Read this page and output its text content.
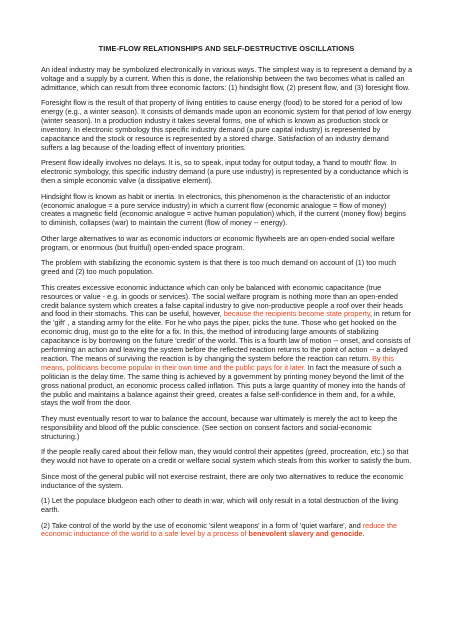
TIME-FLOW RELATIONSHIPS AND SELF-DESTRUCTIVE OSCILLATIONS

An ideal industry may be symbolized electronically in various ways. The simplest way is to represent a demand by a voltage and a supply by a current. When this is done, the relationship between the two becomes what is called an admittance, which can result from three economic factors: (1) hindsight flow, (2) present flow, and (3) foresight flow.

Foresight flow is the result of that property of living entities to cause energy (food) to be stored for a period of low energy (e.g., a winter season). It consists of demands made upon an economic system for that period of low energy (winter season). In a production industry it takes several forms, one of which is known as production stock or inventory. In electronic symbology this specific industry demand (a pure capital industry) is represented by capacitance and the stock or resource is represented by a stored charge. Satisfaction of an industry demand suffers a lag because of the loading effect of inventory priorities.

Present flow ideally involves no delays. It is, so to speak, input today for output today, a 'hand to mouth' flow. In electronic symbology, this specific industry demand (a pure use industry) is represented by a conductance which is then a simple economic valve (a dissipative element).

Hindsight flow is known as habit or inertia. In electronics, this phenomenon is the characteristic of an inductor (economic analogue = a pure service industry) in which a current flow (economic analogue = flow of money) creates a magnetic field (economic analogue = active human population) which, if the current (money flow) begins to diminish, collapses (war) to maintain the current (flow of money -- energy).

Other large alternatives to war as economic inductors or economic flywheels are an open-ended social welfare program, or enormous (but fruitful) open-ended space program.

The problem with stabilizing the economic system is that there is too much demand on account of (1) too much greed and (2) too much population.

This creates excessive economic inductance which can only be balanced with economic capacitance (true resources or value - e.g. in goods or services). The social welfare program is nothing more than an open-ended credit balance system which creates a false capital industry to give non-productive people a roof over their heads and food in their stomachs. This can be useful, however, because the recipients become state property, in return for the 'gift' , a standing army for the elite. For he who pays the piper, picks the tune. Those who get hooked on the economic drug, must go to the elite for a fix. In this, the method of introducing large amounts of stabilizing capacitance is by borrowing on the future 'credit' of the world. This is a fourth law of motion -- onset, and consists of performing an action and leaving the system before the reflected reaction returns to the point of action -- a delayed reaction. The means of surviving the reaction is by changing the system before the reaction can return. By this means, politicians become popular in their own time and the public pays for it later. In fact the measure of such a politician is the delay time. The same thing is achieved by a government by printing money beyond the limit of the gross national product, an economic process called inflation. This puts a large quantity of money into the hands of the public and maintains a balance against their greed, creates a false self-confidence in them and, for a while, stays the wolf from the door.

They must eventually resort to war to balance the account, because war ultimately is merely the act to keep the responsibility and blood off the public conscience. (See section on consent factors and social-economic structuring.)

If the people really cared about their fellow man, they would control their appetites (greed, procreation, etc.) so that they would not have to operate on a credit or welfare social system which steals from this worker to satisfy the bum.

Since most of the general public will not exercise restraint, there are only two alternatives to reduce the economic inductance of the system.

(1) Let the populace bludgeon each other to death in war, which will only result in a total destruction of the living earth.

(2) Take control of the world by the use of economic 'silent weapons' in a form of 'quiet warfare', and reduce the economic inductance of the world to a safe level by a process of benevolent slavery and genocide.
